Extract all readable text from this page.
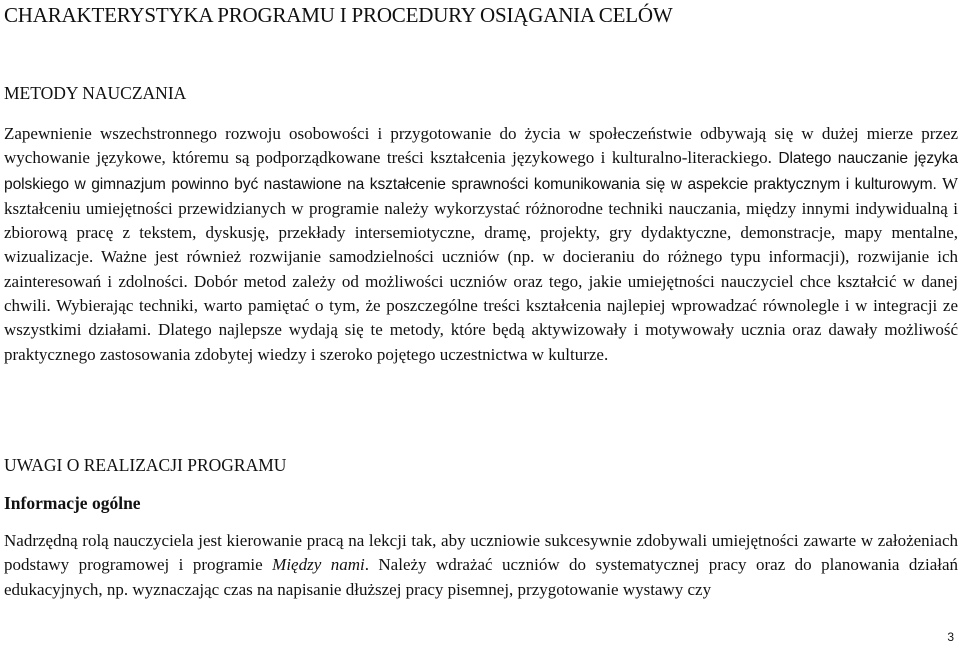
CHARAKTERYSTYKA PROGRAMU I PROCEDURY OSIĄGANIA CELÓW
METODY NAUCZANIA

Zapewnienie wszechstronnego rozwoju osobowości i przygotowanie do życia w społeczeństwie odbywają się w dużej mierze przez wychowanie językowe, któremu są podporządkowane treści kształcenia językowego i kulturalno-literackiego. Dlatego nauczanie języka polskiego w gimnazjum powinno być nastawione na kształcenie sprawności komunikowania się w aspekcie praktycznym i kulturowym. W kształceniu umiejętności przewidzianych w programie należy wykorzystać różnorodne techniki nauczania, między innymi indywidualną i zbiorową pracę z tekstem, dyskusję, przekłady intersemiotyczne, dramę, projekty, gry dydaktyczne, demonstracje, mapy mentalne, wizualizacje. Ważne jest również rozwijanie samodzielności uczniów (np. w docieraniu do różnego typu informacji), rozwijanie ich zainteresowań i zdolności. Dobór metod zależy od możliwości uczniów oraz tego, jakie umiejętności nauczyciel chce kształcić w danej chwili. Wybierając techniki, warto pamiętać o tym, że poszczególne treści kształcenia najlepiej wprowadzać równolegle i w integracji ze wszystkimi działami. Dlatego najlepsze wydają się te metody, które będą aktywizowały i motywowały ucznia oraz dawały możliwość praktycznego zastosowania zdobytej wiedzy i szeroko pojętego uczestnictwa w kulturze.

UWAGI O REALIZACJI PROGRAMU
Informacje ogólne

Nadrzędną rolą nauczyciela jest kierowanie pracą na lekcji tak, aby uczniowie sukcesywnie zdobywali umiejętności zawarte w założeniach podstawy programowej i programie Między nami. Należy wdrażać uczniów do systematycznej pracy oraz do planowania działań edukacyjnych, np. wyznaczając czas na napisanie dłuższej pracy pisemnej, przygotowanie wystawy czy

3
